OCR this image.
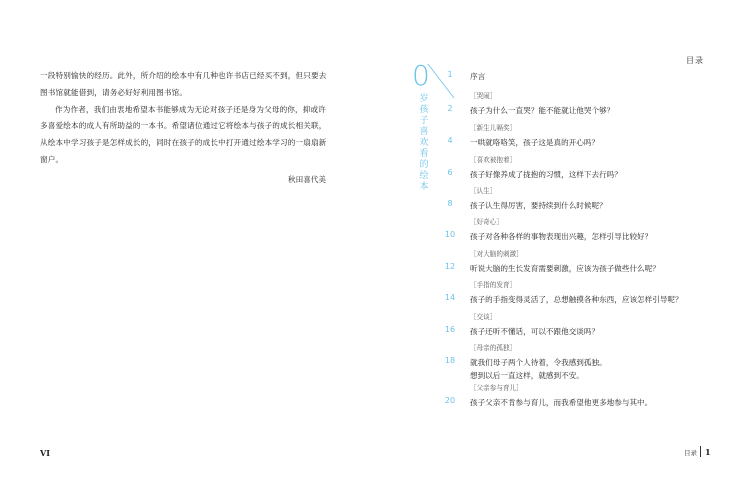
一段特别愉快的经历。此外，所介绍的绘本中有几种也许书店已经买不到，但只要去图书馆就能借到，请务必好好利用图书馆。

作为作者，我们由衷地希望本书能够成为无论对孩子还是身为父母的你，抑或许多喜爱绘本的成人有所助益的一本书。希望诸位通过它将绘本与孩子的成长相关联，从绘本中学习孩子是怎样成长的，同时在孩子的成长中打开通过绘本学习的一扇扇新窗户。

秋田喜代美
VI
目录
0
岁孩子喜欢看的绘本
1	序言
［哭闹］
2	孩子为什么一直哭？能不能就让他哭个够？
［新生儿嗝奖］
4	一哄就咯咯笑，孩子这是真的开心吗？
［喜欢被抱着］
6	孩子好像养成了拢抱的习惯，这样下去行吗？
［认生］
8	孩子认生得厉害，要持续到什么时候呢？
［好奇心］
10	孩子对各种各样的事物表现出兴趣，怎样引导比较好？
［对大脑的刺激］
12	听说大脑的生长发育需要刺激，应该为孩子做些什么呢？
［手指的发育］
14	孩子的手指变得灵活了，总想触摸各种东西，应该怎样引导呢？
［交谈］
16	孩子还听不懂话，可以不跟他交谈吗？
［母亲的孤独］
18	就我们母子两个人待着，令我感到孤独。
想到以后一直这样，就感到不安。
［父亲参与育儿］
20	孩子父亲不肯参与育儿，而我希望他更多地参与其中。
目录 1
